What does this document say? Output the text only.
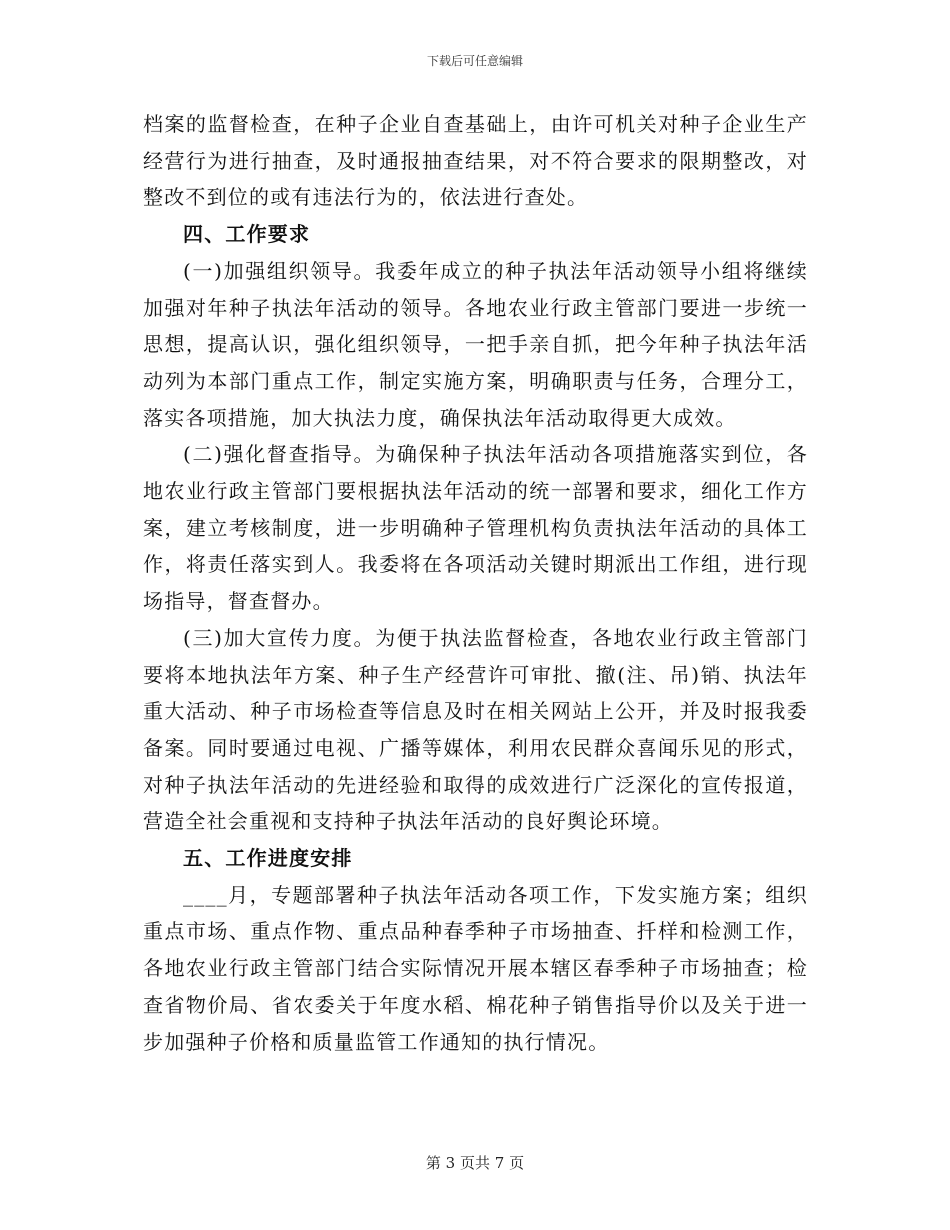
下载后可任意编辑

档案的监督检查，在种子企业自查基础上，由许可机关对种子企业生产经营行为进行抽查，及时通报抽查结果，对不符合要求的限期整改，对整改不到位的或有违法行为的，依法进行查处。

四、工作要求

(一)加强组织领导。我委年成立的种子执法年活动领导小组将继续加强对年种子执法年活动的领导。各地农业行政主管部门要进一步统一思想，提高认识，强化组织领导，一把手亲自抓，把今年种子执法年活动列为本部门重点工作，制定实施方案，明确职责与任务，合理分工，落实各项措施，加大执法力度，确保执法年活动取得更大成效。

(二)强化督查指导。为确保种子执法年活动各项措施落实到位，各地农业行政主管部门要根据执法年活动的统一部署和要求，细化工作方案，建立考核制度，进一步明确种子管理机构负责执法年活动的具体工作，将责任落实到人。我委将在各项活动关键时期派出工作组，进行现场指导，督查督办。

(三)加大宣传力度。为便于执法监督检查，各地农业行政主管部门要将本地执法年方案、种子生产经营许可审批、撤(注、吊)销、执法年重大活动、种子市场检查等信息及时在相关网站上公开，并及时报我委备案。同时要通过电视、广播等媒体，利用农民群众喜闻乐见的形式，对种子执法年活动的先进经验和取得的成效进行广泛深化的宣传报道，营造全社会重视和支持种子执法年活动的良好舆论环境。

五、工作进度安排

____月，专题部署种子执法年活动各项工作，下发实施方案；组织重点市场、重点作物、重点品种春季种子市场抽查、扦样和检测工作，各地农业行政主管部门结合实际情况开展本辖区春季种子市场抽查；检查省物价局、省农委关于年度水稻、棉花种子销售指导价以及关于进一步加强种子价格和质量监管工作通知的执行情况。

第 3 页共 7 页
